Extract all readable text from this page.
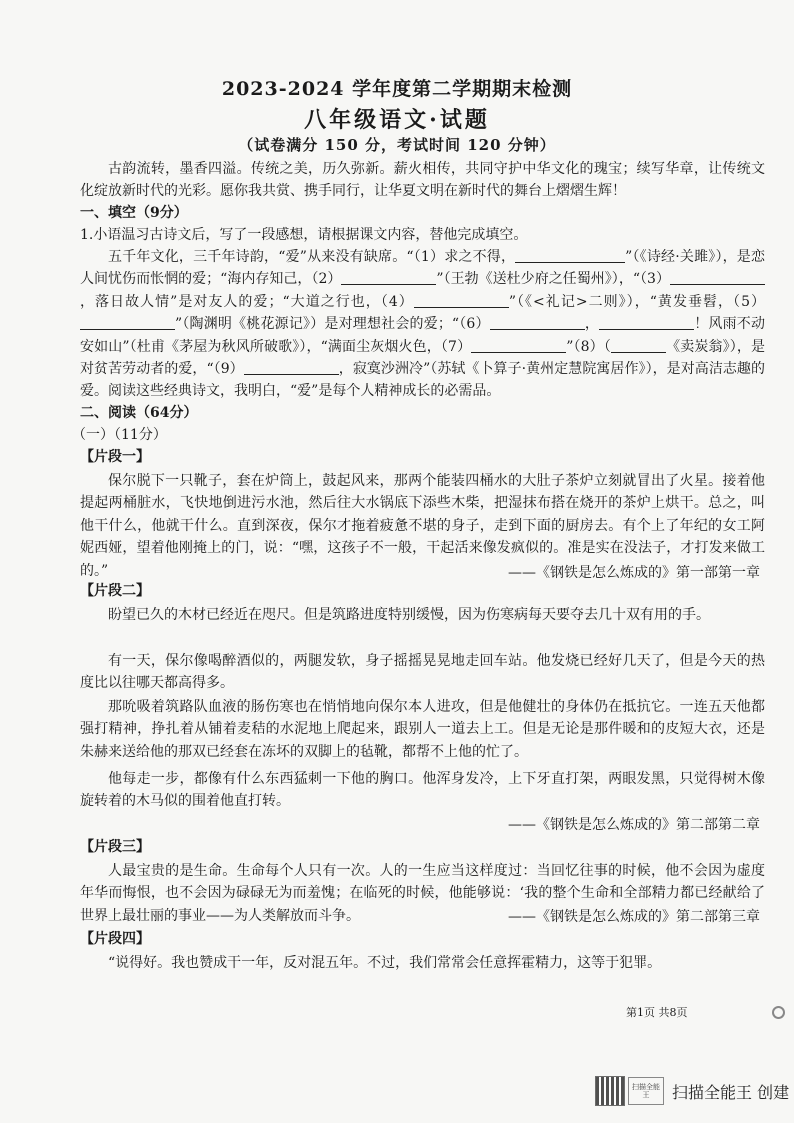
2023-2024 学年度第二学期期末检测
八年级语文·试题
（试卷满分 150 分，考试时间 120 分钟）
古韵流转，墨香四溢。传统之美，历久弥新。薪火相传，共同守护中华文化的瑰宝；续写华章，让传统文化绽放新时代的光彩。愿你我共赏、携手同行，让华夏文明在新时代的舞台上熠熠生辉！
一、填空（9分）
1.小语温习古诗文后，写了一段感想，请根据课文内容，替他完成填空。
五千年文化，三千年诗韵，“爱”从来没有缺席。“（1）求之不得，	”（《诗经·关雎》），是恋人间忧伤而怅惘的爱；“海内存知己，（2）	”（王勃《送杜少府之任蜀州》），“（3），落日故人情”是对友人的爱；“大道之行也，（4）	”（《<礼记>二则》），“黄发垂髫，（5）”（陶渊明《桃花源记》）是对理想社会的爱；“（6）	，	！风雨不动安如山”（杜甫《茅屋为秋风所破歌》），“满面尘灰烟火色，（7）	”（8）（	《卖炭翁》），是对贫苦劳动者的爱，“（9）	，寂寞沙洲冷”（苏轼《卜算子·黄州定慧院寓居作》），是对高洁志趣的爱。阅读这些经典诗文，我明白，“爱”是每个人精神成长的必需品。
二、阅读（64分）
（一）（11分）
【片段一】
保尔脱下一只靴子，套在炉筒上，鼓起风来，那两个能装四桶水的大肚子茶炉立刻就冒出了火星。接着他提起两桶脏水，飞快地倒进污水池，然后往大水锅底下添些木柴，把湿抹布搭在烧开的茶炉上烘干。总之，叫他干什么，他就干什么。直到深夜，保尔才拖着疲惫不堪的身子，走到下面的厨房去。有个上了年纪的女工阿妮西娅，望着他刚掩上的门，说：“嘿，这孩子不一般，干起活来像发疯似的。准是实在没法子，才打发来做工的。”	——《钢铁是怎么炼成的》第一部第一章
【片段二】
盼望已久的木材已经近在咫尺。但是筑路进度特别缓慢，因为伤寒病每天要夺去几十双有用的手。
有一天，保尔像喝醉酒似的，两腿发软，身子摇摇晃晃地走回车站。他发烧已经好几天了，但是今天的热度比以往哪天都高得多。
那吮吸着筑路队血液的肠伤寒也在悄悄地向保尔本人进攻，但是他健壮的身体仍在抵抗它。一连五天他都强打精神，挣扎着从铺着麦秸的水泥地上爬起来，跟别人一道去上工。但是无论是那件暖和的皮短大衣，还是朱赫来送给他的那双已经套在冻坏的双脚上的毡靴，都帮不上他的忙了。
他每走一步，都像有什么东西猛刺一下他的胸口。他浑身发冷，上下牙直打架，两眼发黑，只觉得树木像旋转着的木马似的围着他直打转。
——《钢铁是怎么炼成的》第二部第二章
【片段三】
人最宝贵的是生命。生命每个人只有一次。人的一生应当这样度过：当回忆往事的时候，他不会因为虚度年华而悔恨，也不会因为碌碌无为而羞愧；在临死的时候，他能够说：‘我的整个生命和全部精力都已经献给了世界上最壮丽的事业——为人类解放而斗争。	——《钢铁是怎么炼成的》第二部第三章
【片段四】
“说得好。我也赞成干一年，反对混五年。不过，我们常常会任意挥霍精力，这等于犯罪。
第1页 共8页
扫描全能王	扫描全能王 创建
